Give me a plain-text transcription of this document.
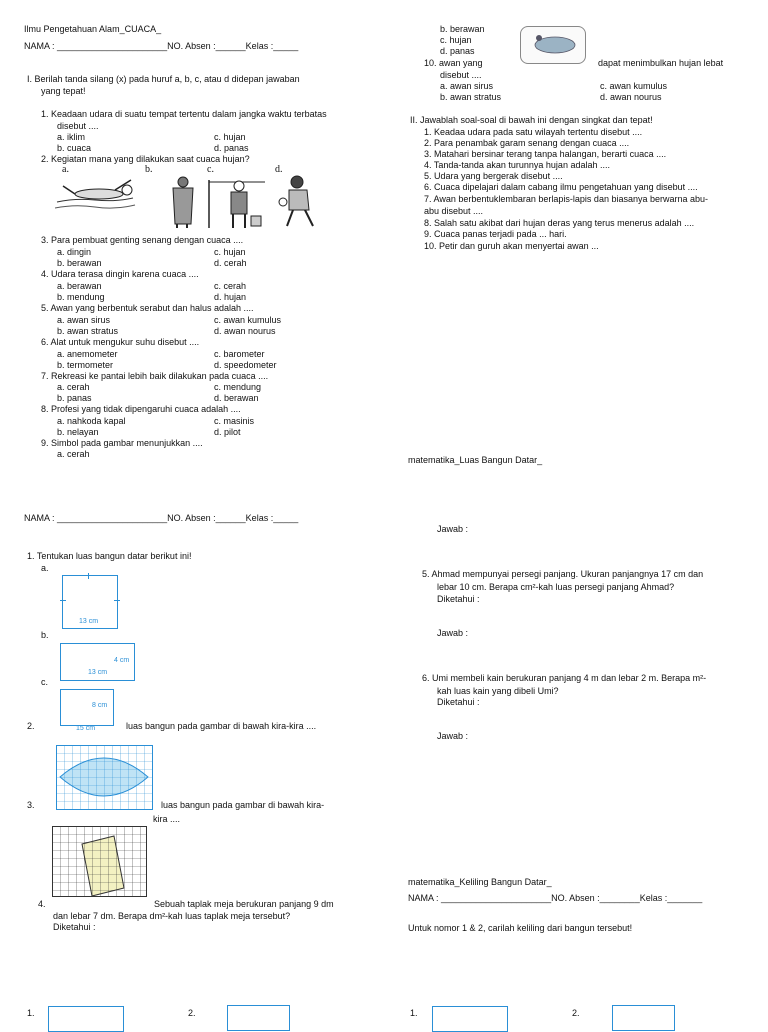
Ilmu Pengetahuan Alam_CUACA_
NAMA : ______________________NO. Absen :______Kelas :_____
I. Berilah tanda silang (x) pada huruf a, b, c, atau d didepan jawaban
yang tepat!
1. Keadaan udara di suatu tempat tertentu dalam jangka waktu terbatas
disebut ....
a. iklim
b. cuaca
c. hujan
d. panas
2. Kegiatan mana yang dilakukan saat cuaca hujan?
a.	b.	c.	d.
3. Para pembuat genting senang dengan cuaca ....
a. dingin
b. berawan
c. hujan
d. cerah
4. Udara terasa dingin karena cuaca ....
a. berawan
b. mendung
c. cerah
d. hujan
5. Awan yang berbentuk serabut dan halus adalah ....
a. awan sirus
b. awan stratus
c. awan kumulus
d. awan nourus
6. Alat untuk mengukur suhu disebut ....
a. anemometer
b. termometer
c. barometer
d. speedometer
7. Rekreasi ke pantai lebih baik dilakukan pada cuaca ....
a. cerah
b. panas
c. mendung
d. berawan
8. Profesi yang tidak dipengaruhi cuaca adalah ....
a. nahkoda kapal
b. nelayan
c. masinis
d. pilot
9. Simbol pada gambar menunjukkan ....
a. cerah
b. berawan
c. hujan
d. panas
10. awan yang	dapat menimbulkan hujan lebat
disebut ....
a. awan sirus
b. awan stratus
c. awan kumulus
d. awan nourus
II. Jawablah soal-soal di bawah ini dengan singkat dan tepat!
1. Keadaa udara pada satu wilayah tertentu disebut ....
2. Para penambak garam senang dengan cuaca ....
3. Matahari bersinar terang tanpa halangan, berarti cuaca ....
4. Tanda-tanda akan turunnya hujan adalah ....
5. Udara yang bergerak disebut ....
6. Cuaca dipelajari dalam cabang ilmu pengetahuan yang disebut ....
7. Awan berbentuklembaran berlapis-lapis dan biasanya berwarna abu-
abu disebut ....
8. Salah satu akibat dari hujan deras yang terus menerus adalah ....
9. Cuaca panas terjadi pada ... hari.
10. Petir dan guruh akan menyertai awan ...
matematika_Luas Bangun Datar_
NAMA : ______________________NO. Absen :______Kelas :_____
1. Tentukan luas bangun datar berikut ini!
a.
13 cm
b.
4 cm
13 cm
c.
8 cm
15 cm
2.	luas bangun pada gambar di bawah kira-kira ....
3.	luas bangun pada gambar di bawah kira-
kira ....
4.	Sebuah taplak meja berukuran panjang 9 dm
dan lebar 7 dm. Berapa dm²-kah luas taplak meja tersebut?
Diketahui :
Jawab :
5. Ahmad mempunyai persegi panjang. Ukuran panjangnya 17 cm dan
lebar 10 cm. Berapa cm²-kah luas persegi panjang Ahmad?
Diketahui :
Jawab :
6. Umi membeli kain berukuran panjang 4 m dan lebar 2 m. Berapa m²-
kah luas kain yang dibeli Umi?
Diketahui :
Jawab :
matematika_Keliling Bangun Datar_
NAMA : ______________________NO. Absen :________Kelas :_______
Untuk nomor 1 & 2, carilah keliling dari bangun tersebut!
1.	2.	1.	2.
